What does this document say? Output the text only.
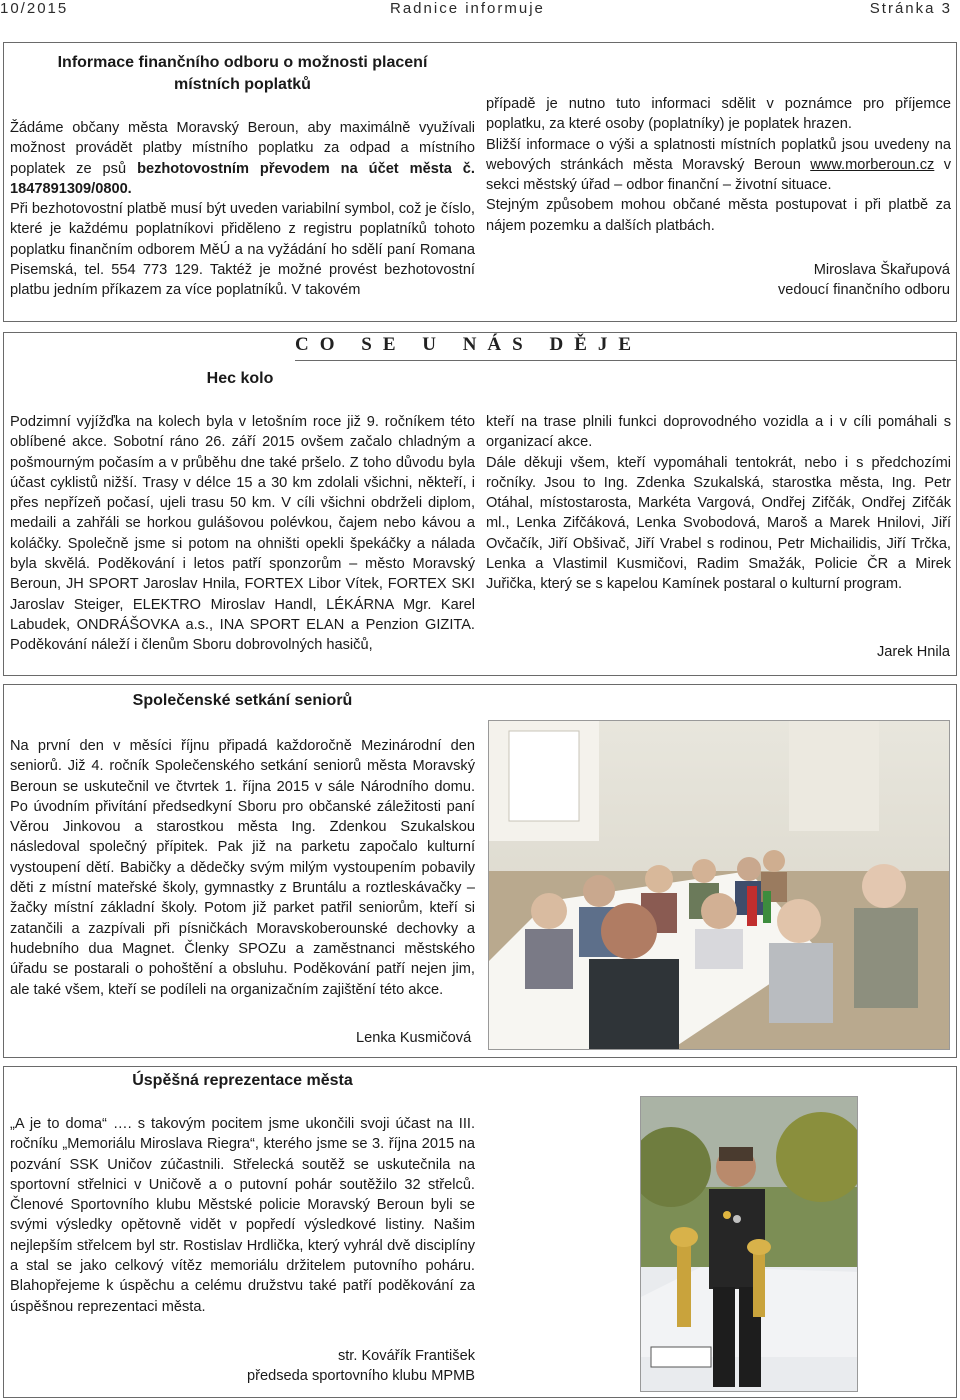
10/2015	Radnice informuje	Stránka 3
Informace finančního odboru o možnosti placení
místních poplatků

Žádáme občany města Moravský Beroun, aby maximálně využívali možnost provádět platby místního poplatku za odpad a místního poplatek ze psů bezhotovostním převodem na účet města č. 1847891309/0800.

Při bezhotovostní platbě musí být uveden variabilní symbol, což je číslo, které je každému poplatníkovi přiděleno z registru poplatníků tohoto poplatku finančním odborem MěÚ a na vyžádání ho sdělí paní Romana Pisemská, tel. 554 773 129. Taktéž je možné provést bezhotovostní platbu jedním příkazem za více poplatníků. V takovém

případě je nutno tuto informaci sdělit v poznámce pro příjemce poplatku, za které osoby (poplatníky) je poplatek hrazen.

Bližší informace o výši a splatnosti místních poplatků jsou uvedeny na webových stránkách města Moravský Beroun www.morberoun.cz v sekci městský úřad – odbor finanční – životní situace.

Stejným způsobem mohou občané města postupovat i při platbě za nájem pozemku a dalších platbách.

Miroslava Škařupová
vedoucí finančního odboru
CO SE U NÁS DĚJE
Hec kolo
Podzimní vyjížďka na kolech byla v letošním roce již 9. ročníkem této oblíbené akce. Sobotní ráno 26. září 2015 ovšem začalo chladným a pošmourným počasím a v průběhu dne také pršelo. Z toho důvodu byla účast cyklistů nižší. Trasy v délce 15 a 30 km zdolali všichni, někteří, i přes nepřízeň počasí, ujeli trasu 50 km. V cíli všichni obdrželi diplom, medaili a zahřáli se horkou gulášovou polévkou, čajem nebo kávou a koláčky. Společně jsme si potom na ohništi opekli špekáčky a nálada byla skvělá. Poděkování i letos patří sponzorům – město Moravský Beroun, JH SPORT Jaroslav Hnila, FORTEX Libor Vítek, FORTEX SKI Jaroslav Steiger, ELEKTRO Miroslav Handl, LÉKÁRNA Mgr. Karel Labudek, ONDRÁŠOVKA a.s., INA SPORT ELAN a Penzion GIZITA. Poděkování náleží i členům Sboru dobrovolných hasičů,

kteří na trase plnili funkci doprovodného vozidla a i v cíli pomáhali s organizací akce.

Dále děkuji všem, kteří vypomáhali tentokrát, nebo i s předchozími ročníky. Jsou to Ing. Zdenka Szukalská, starostka města, Ing. Petr Otáhal, místostarosta, Markéta Vargová, Ondřej Zifčák, Ondřej Zifčák ml., Lenka Zifčáková, Lenka Svobodová, Maroš a Marek Hnilovi, Jiří Ovčačík, Jiří Obšivač, Jiří Vrabel s rodinou, Petr Michailidis, Jiří Trčka, Lenka a Vlastimil Kusmičovi, Radim Smažák, Policie ČR a Mirek Juřička, který se s kapelou Kamínek postaral o kulturní program.

Jarek Hnila
Společenské setkání seniorů
Na první den v měsíci říjnu připadá každoročně Mezinárodní den seniorů. Již 4. ročník Společenského setkání seniorů města Moravský Beroun se uskutečnil ve čtvrtek 1. října 2015 v sále Národního domu. Po úvodním přivítání předsedkyní Sboru pro občanské záležitosti paní Věrou Jinkovou a starostkou města Ing. Zdenkou Szukalskou následoval společný přípitek. Pak již na parketu započalo kulturní vystoupení dětí. Babičky a dědečky svým milým vystoupením pobavily děti z místní mateřské školy, gymnastky z Bruntálu a roztleskávačky – žačky místní základní školy. Potom již parket patřil seniorům, kteří si zatančili a zazpívali při písničkách Moravskoberounské dechovky a hudebního dua Magnet. Členky SPOZu a zaměstnanci městského úřadu se postarali o pohoštění a obsluhu. Poděkování patří nejen jim, ale také všem, kteří se podíleli na organizačním zajištění této akce.
Lenka Kusmičová
Úspěšná reprezentace města
„A je to doma“ …. s takovým pocitem jsme ukončili svoji účast na III. ročníku „Memoriálu Miroslava Riegra“, kterého jsme se 3. října 2015 na pozvání SSK Uničov zúčastnili. Střelecká soutěž se uskutečnila na sportovní střelnici v Uničově a o putovní pohár soutěžilo 32 střelců. Členové Sportovního klubu Městské policie Moravský Beroun byli se svými výsledky opětovně vidět v popředí výsledkové listiny. Našim nejlepším střelcem byl str. Rostislav Hrdlička, který vyhrál dvě disciplíny a stal se jako celkový vítěz memoriálu držitelem putovního poháru. Blahopřejeme k úspěchu a celému družstvu také patří poděkování za úspěšnou reprezentaci města.
str. Kovářík František
předseda sportovního klubu MPMB
